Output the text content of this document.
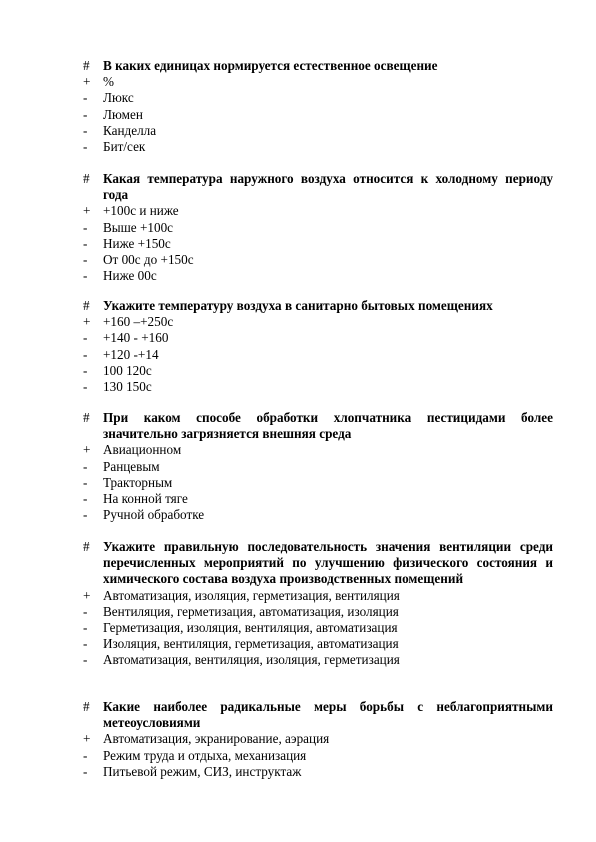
#	В каких единицах нормируется естественное освещение
+ %
-	Люкс
-	Люмен
-	Канделла
-	Бит/сек
#	Какая температура наружного воздуха относится к холодному периоду года
+ +100с и ниже
-	Выше +100с
-	Ниже +150с
-	От 00с до +150с
-	Ниже 00с
#	Укажите температуру воздуха в санитарно бытовых помещениях
+ +160 –+250с
-	+140 - +160
-	+120 -+14
-	100 120с
-	130 150с
#	При каком способе обработки хлопчатника пестицидами более значительно загрязняется внешняя среда
+ Авиационном
-	Ранцевым
-	Тракторным
-	На конной тяге
-	Ручной обработке
#	Укажите правильную последовательность значения вентиляции среди перечисленных мероприятий по улучшению физического состояния и химического состава воздуха производственных помещений
+ Автоматизация, изоляция, герметизация, вентиляция
-	Вентиляция, герметизация, автоматизация, изоляция
-	Герметизация, изоляция, вентиляция, автоматизация
-	Изоляция, вентиляция, герметизация, автоматизация
-	Автоматизация, вентиляция, изоляция, герметизация
#	Какие наиболее радикальные меры борьбы с неблагоприятными метеоусловиями
+ Автоматизация, экранирование, аэрация
-	Режим труда и отдыха, механизация
-	Питьевой режим, СИЗ, инструктаж
